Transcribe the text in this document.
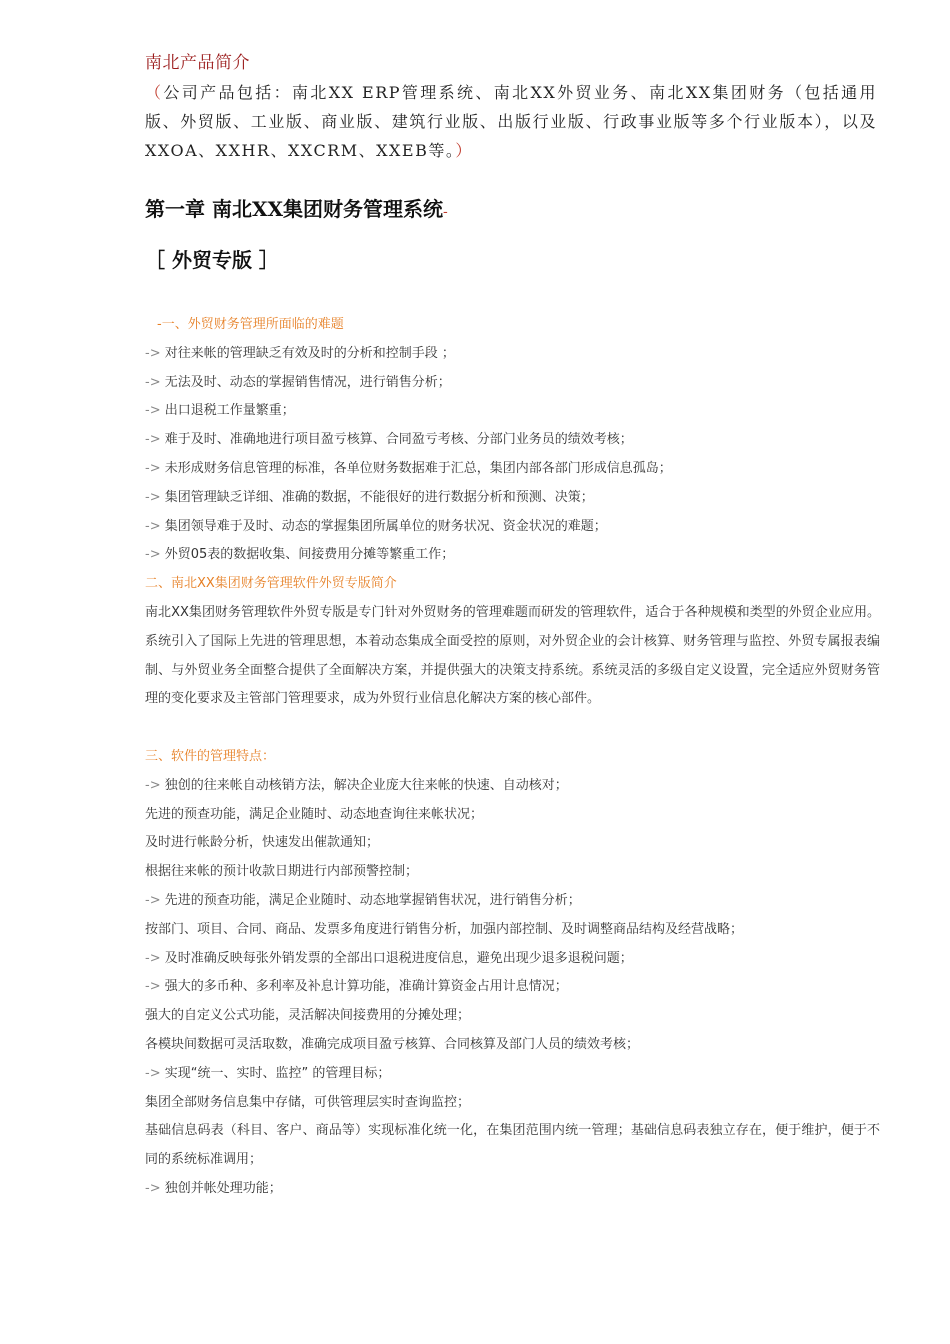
南北产品简介
（公司产品包括：南北XX ERP管理系统、南北XX外贸业务、南北XX集团财务（包括通用版、外贸版、工业版、商业版、建筑行业版、出版行业版、行政事业版等多个行业版本），以及XXOA、XXHR、XXCRM、XXEB等。）
第一章 南北XX集团财务管理系统-
［ 外贸专版 ］
-一、外贸财务管理所面临的难题
-> 对往来帐的管理缺乏有效及时的分析和控制手段 ；
-> 无法及时、动态的掌握销售情况，进行销售分析；
-> 出口退税工作量繁重；
-> 难于及时、准确地进行项目盈亏核算、合同盈亏考核、分部门业务员的绩效考核；
-> 未形成财务信息管理的标准，各单位财务数据难于汇总，集团内部各部门形成信息孤岛；
-> 集团管理缺乏详细、准确的数据，不能很好的进行数据分析和预测、决策；
-> 集团领导难于及时、动态的掌握集团所属单位的财务状况、资金状况的难题；
-> 外贸05表的数据收集、间接费用分摊等繁重工作；
二、南北XX集团财务管理软件外贸专版简介
南北XX集团财务管理软件外贸专版是专门针对外贸财务的管理难题而研发的管理软件，适合于各种规模和类型的外贸企业应用。系统引入了国际上先进的管理思想，本着动态集成全面受控的原则，对外贸企业的会计核算、财务管理与监控、外贸专属报表编制、与外贸业务全面整合提供了全面解决方案，并提供强大的决策支持系统。系统灵活的多级自定义设置，完全适应外贸财务管理的变化要求及主管部门管理要求，成为外贸行业信息化解决方案的核心部件。
三、软件的管理特点：
-> 独创的往来帐自动核销方法，解决企业庞大往来帐的快速、自动核对；
先进的预查功能，满足企业随时、动态地查询往来帐状况；
及时进行帐龄分析，快速发出催款通知；
根据往来帐的预计收款日期进行内部预警控制；
-> 先进的预查功能，满足企业随时、动态地掌握销售状况，进行销售分析；
按部门、项目、合同、商品、发票多角度进行销售分析，加强内部控制、及时调整商品结构及经营战略；
-> 及时准确反映每张外销发票的全部出口退税进度信息，避免出现少退多退税问题；
-> 强大的多币种、多利率及补息计算功能，准确计算资金占用计息情况；
强大的自定义公式功能，灵活解决间接费用的分摊处理；
各模块间数据可灵活取数，准确完成项目盈亏核算、合同核算及部门人员的绩效考核；
-> 实现“统一、实时、监控” 的管理目标；
集团全部财务信息集中存储，可供管理层实时查询监控；
基础信息码表（科目、客户、商品等）实现标准化统一化，在集团范围内统一管理；基础信息码表独立存在，便于维护，便于不同的系统标准调用；
-> 独创并帐处理功能；
